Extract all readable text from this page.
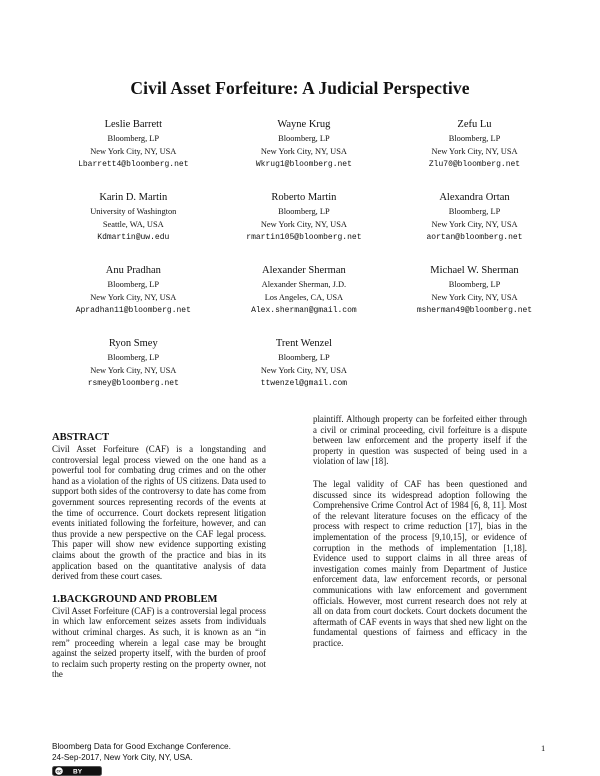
Civil Asset Forfeiture: A Judicial Perspective
Leslie Barrett
Bloomberg, LP
New York City, NY, USA
Lbarrett4@bloomberg.net
Wayne Krug
Bloomberg, LP
New York City, NY, USA
Wkrug1@bloomberg.net
Zefu Lu
Bloomberg, LP
New York City, NY, USA
Zlu70@bloomberg.net
Karin D. Martin
University of Washington
Seattle, WA, USA
Kdmartin@uw.edu
Roberto Martin
Bloomberg, LP
New York City, NY, USA
rmartin105@bloomberg.net
Alexandra Ortan
Bloomberg, LP
New York City, NY, USA
aortan@bloomberg.net
Anu Pradhan
Bloomberg, LP
New York City, NY, USA
Apradhan11@bloomberg.net
Alexander Sherman
Alexander Sherman, J.D.
Los Angeles, CA, USA
Alex.sherman@gmail.com
Michael W. Sherman
Bloomberg, LP
New York City, NY, USA
msherman49@bloomberg.net
Ryon Smey
Bloomberg, LP
New York City, NY, USA
rsmey@bloomberg.net
Trent Wenzel
Bloomberg, LP
New York City, NY, USA
ttwenzel@gmail.com
ABSTRACT

Civil Asset Forfeiture (CAF) is a longstanding and controversial legal process viewed on the one hand as a powerful tool for combating drug crimes and on the other hand as a violation of the rights of US citizens. Data used to support both sides of the controversy to date has come from government sources representing records of the events at the time of occurrence. Court dockets represent litigation events initiated following the forfeiture, however, and can thus provide a new perspective on the CAF legal process. This paper will show new evidence supporting existing claims about the growth of the practice and bias in its application based on the quantitative analysis of data derived from these court cases.

1.BACKGROUND AND PROBLEM

Civil Asset Forfeiture (CAF) is a controversial legal process in which law enforcement seizes assets from individuals without criminal charges. As such, it is known as an “in rem” proceeding wherein a legal case may be brought against the seized property itself, with the burden of proof to reclaim such property resting on the property owner, not the

plaintiff. Although property can be forfeited either through a civil or criminal proceeding, civil forfeiture is a dispute between law enforcement and the property itself if the property in question was suspected of being used in a violation of law [18].

The legal validity of CAF has been questioned and discussed since its widespread adoption following the Comprehensive Crime Control Act of 1984 [6, 8, 11]. Most of the relevant literature focuses on the efficacy of the process with respect to crime reduction [17], bias in the implementation of the process [9,10,15], or evidence of corruption in the methods of implementation [1,18]. Evidence used to support claims in all three areas of investigation comes mainly from Department of Justice enforcement data, law enforcement records, or personal communications with law enforcement and government officials. However, most current research does not rely at all on data from court dockets. Court dockets document the aftermath of CAF events in ways that shed new light on the fundamental questions of fairness and efficacy in the practice.

Bloomberg Data for Good Exchange Conference.
24-Sep-2017, New York City, NY, USA.
1
cc BY
